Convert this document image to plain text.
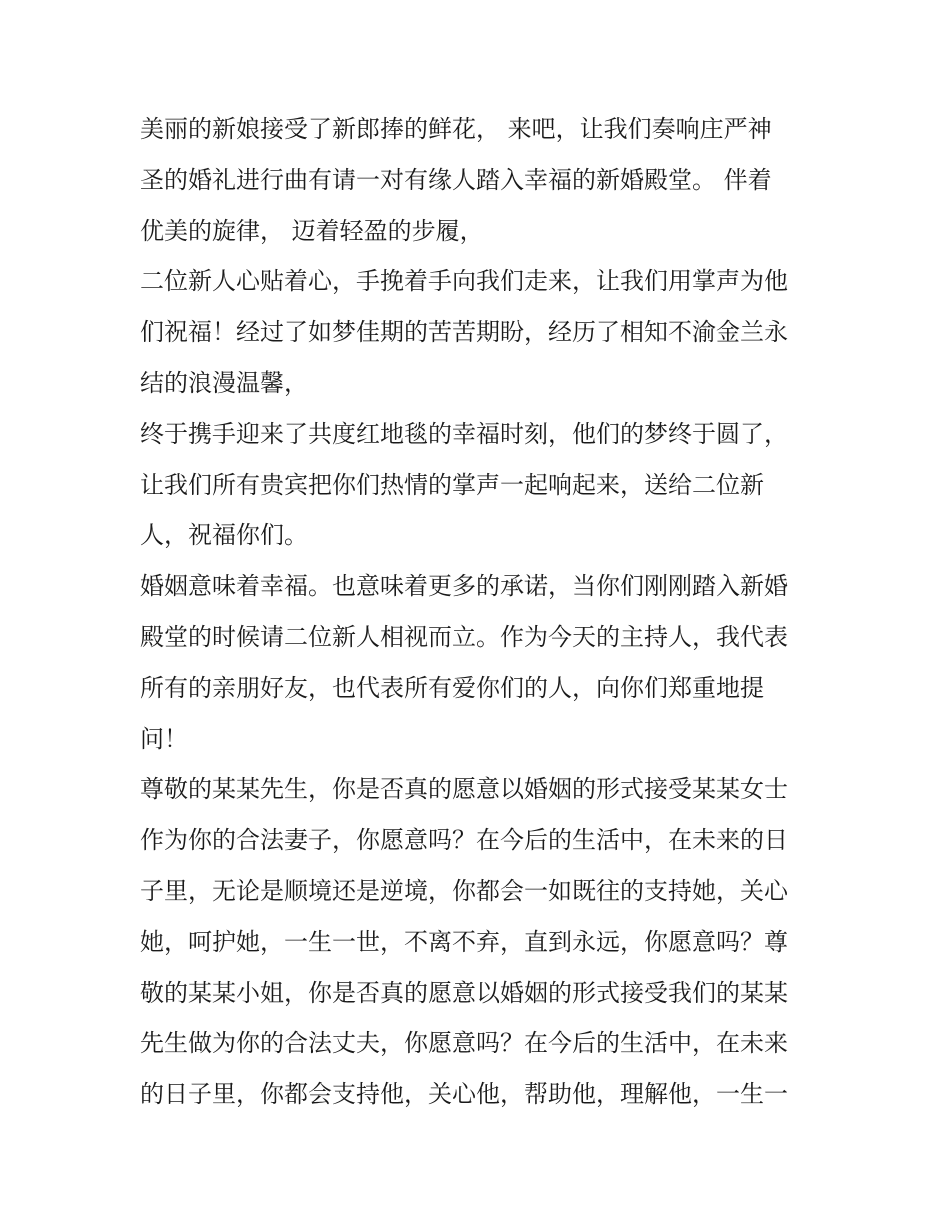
美丽的新娘接受了新郎捧的鲜花， 来吧，让我们奏响庄严神

圣的婚礼进行曲有请一对有缘人踏入幸福的新婚殿堂。 伴着

优美的旋律， 迈着轻盈的步履，

二位新人心贴着心，手挽着手向我们走来，让我们用掌声为他

们祝福！经过了如梦佳期的苦苦期盼，经历了相知不渝金兰永

结的浪漫温馨，

终于携手迎来了共度红地毯的幸福时刻，他们的梦终于圆了，

让我们所有贵宾把你们热情的掌声一起响起来，送给二位新

人，祝福你们。

婚姻意味着幸福。也意味着更多的承诺，当你们刚刚踏入新婚

殿堂的时候请二位新人相视而立。作为今天的主持人，我代表

所有的亲朋好友，也代表所有爱你们的人，向你们郑重地提

问！

尊敬的某某先生，你是否真的愿意以婚姻的形式接受某某女士

作为你的合法妻子，你愿意吗？在今后的生活中，在未来的日

子里，无论是顺境还是逆境，你都会一如既往的支持她，关心

她，呵护她，一生一世，不离不弃，直到永远，你愿意吗？尊

敬的某某小姐，你是否真的愿意以婚姻的形式接受我们的某某

先生做为你的合法丈夫，你愿意吗？在今后的生活中，在未来

的日子里，你都会支持他，关心他，帮助他，理解他，一生一
